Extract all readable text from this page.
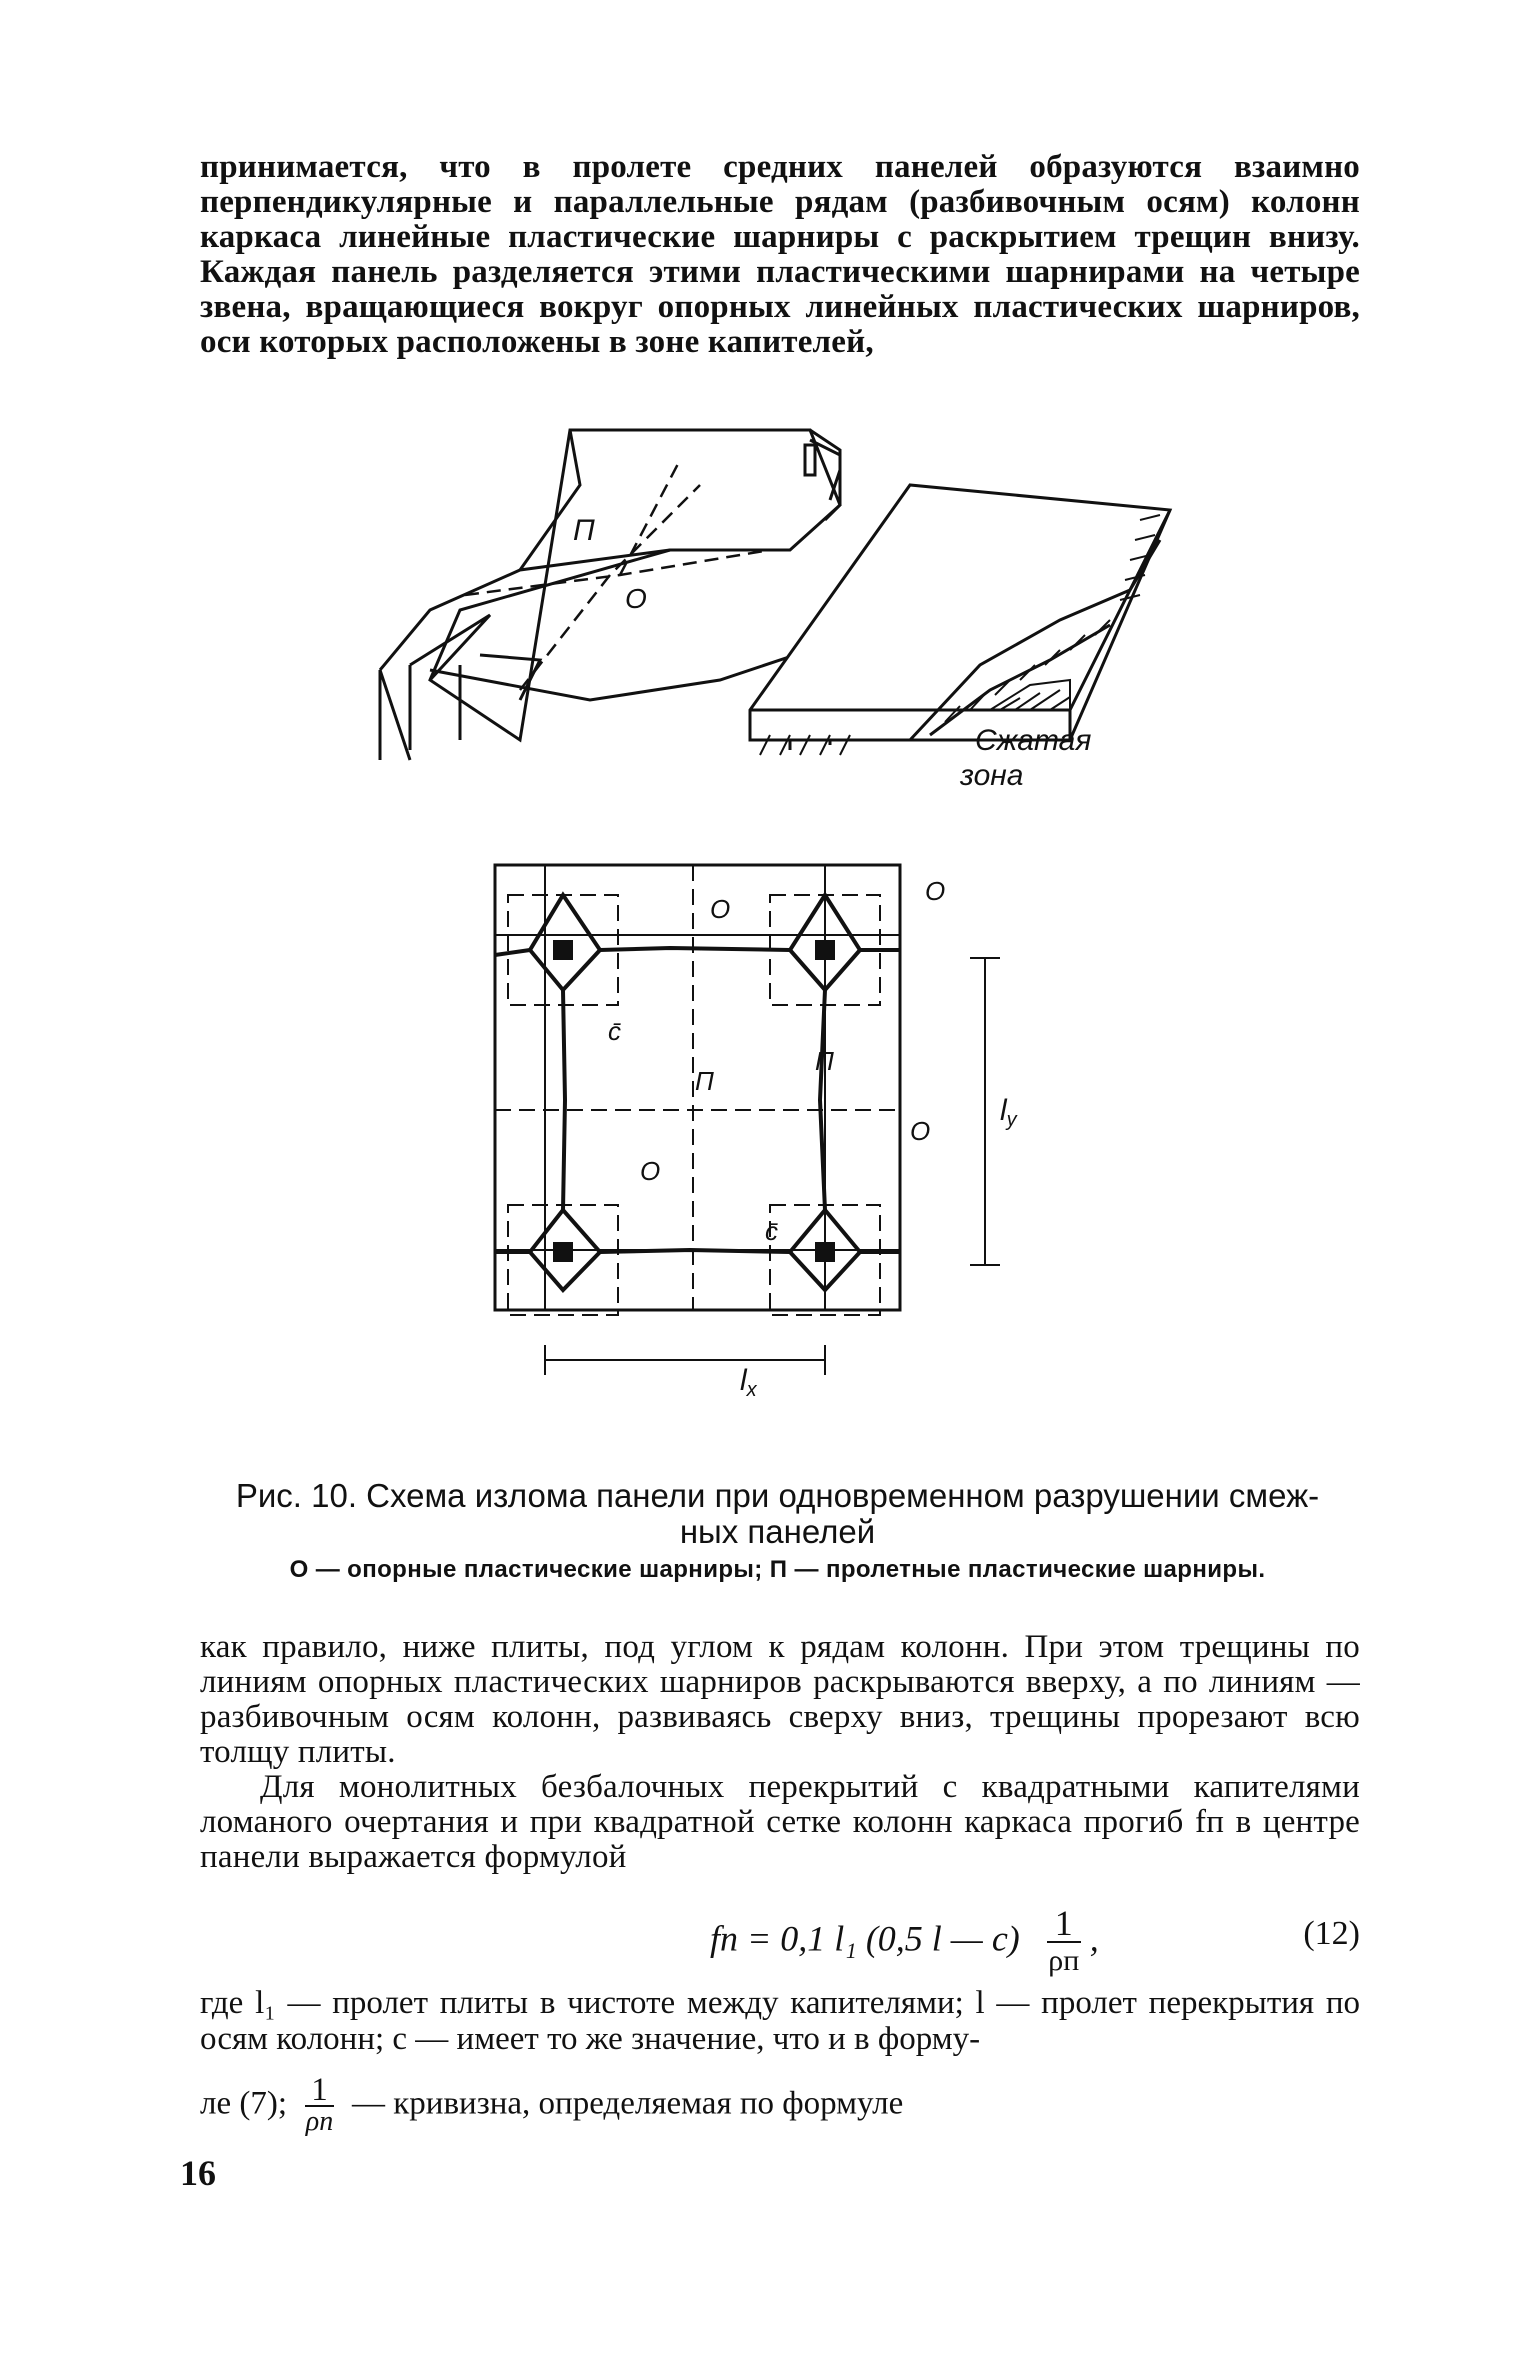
принимается, что в пролете средних панелей образуются взаимно перпендикулярные и параллельные рядам (разбивочным осям) колонн каркаса линейные пластические шарниры с раскрытием трещин внизу. Каждая панель разделяется этими пластическими шарнирами на четыре звена, вращающиеся вокруг опорных линейных пластических шарниров, оси которых расположены в зоне капителей,

П
О
Сжатая
зона
О
О
О
О
П
П
c̄
c̄
$l_y$
$l_x$
Рис. 10. Схема излома панели при одновременном разрушении смеж-
ных панелей
О — опорные пластические шарниры; П — пролетные пластические шарниры.

как правило, ниже плиты, под углом к рядам колонн. При этом трещины по линиям опорных пластических шарниров раскрываются вверху, а по линиям — разбивочным осям колонн, развиваясь сверху вниз, трещины прорезают всю толщу плиты.

Для монолитных безбалочных перекрытий с квадратными капителями ломаного очертания и при квадратной сетке колонн каркаса прогиб fп в центре панели выражается формулой

fп = 0,1 l₁ (0,5 l — $c) \frac{1}{\rho п}$ ,	(12)
где l₁ — пролет плиты в чистоте между капителями; l — пролет перекрытия по осям колонн; c — имеет то же значение, что и в форму-
ле (7); $\frac{1}{\rho п}$ — кривизна, определяемая по формуле
16
